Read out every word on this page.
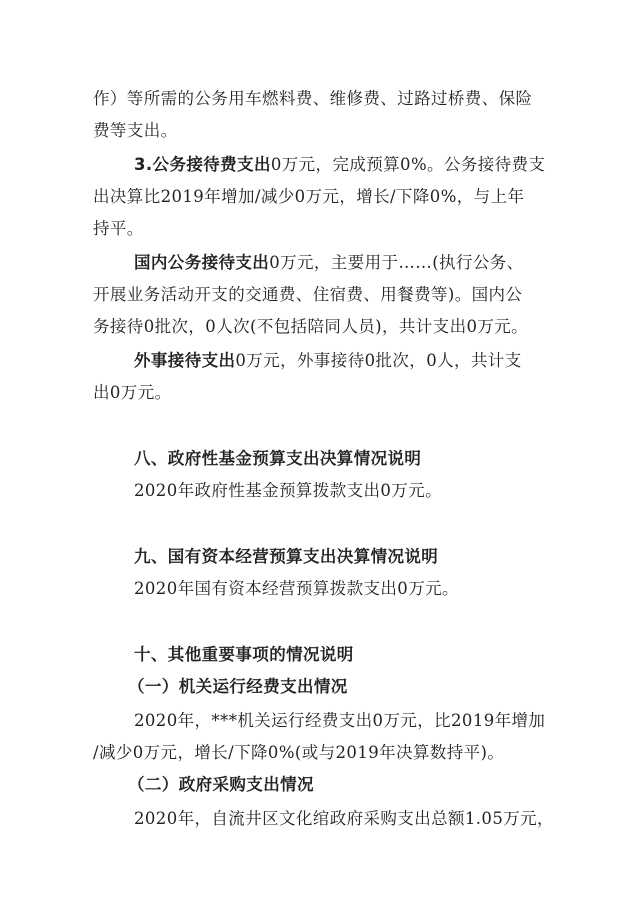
作）等所需的公务用车燃料费、维修费、过路过桥费、保险
费等支出。
3.公务接待费支出0万元，完成预算0%。公务接待费支
出决算比2019年增加/减少0万元，增长/下降0%，与上年
持平。
国内公务接待支出0万元，主要用于……(执行公务、
开展业务活动开支的交通费、住宿费、用餐费等)。国内公
务接待0批次，0人次(不包括陪同人员)，共计支出0万元。
外事接待支出0万元，外事接待0批次，0人，共计支
出0万元。
八、政府性基金预算支出决算情况说明
2020年政府性基金预算拨款支出0万元。
九、国有资本经营预算支出决算情况说明
2020年国有资本经营预算拨款支出0万元。
十、其他重要事项的情况说明
（一）机关运行经费支出情况
2020年，***机关运行经费支出0万元，比2019年增加
/减少0万元，增长/下降0%(或与2019年决算数持平)。
（二）政府采购支出情况
2020年，自流井区文化绾政府采购支出总额1.05万元，
